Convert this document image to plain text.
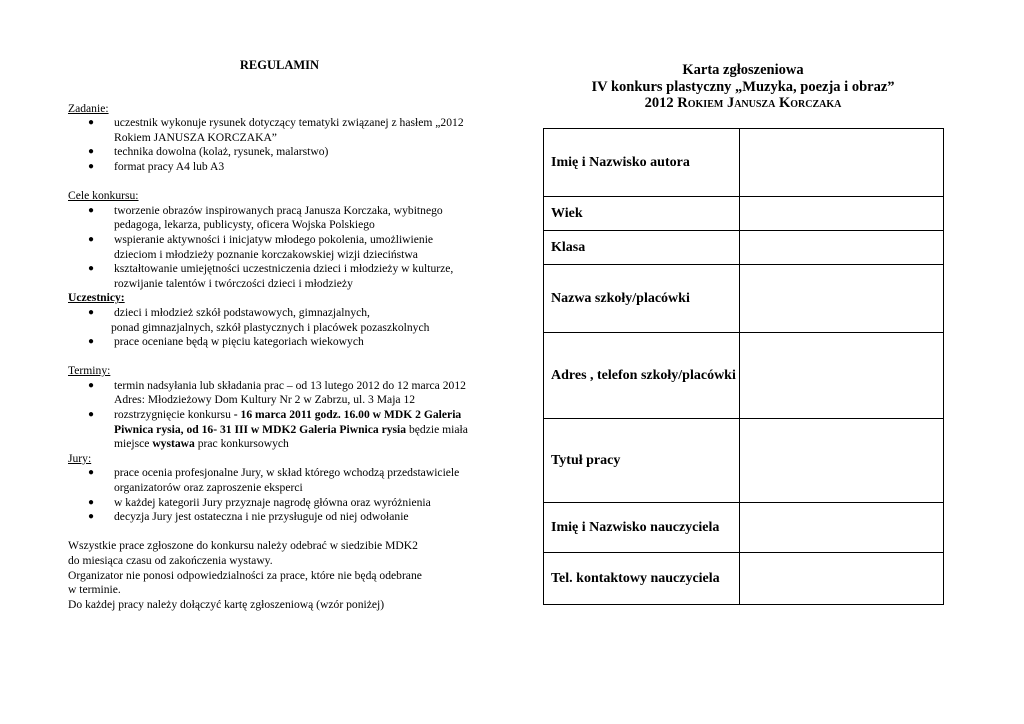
REGULAMIN
Zadanie:
● uczestnik wykonuje rysunek dotyczący tematyki związanej z hasłem „2012
Rokiem JANUSZA KORCZAKA”
● technika dowolna (kolaż, rysunek, malarstwo)
● format pracy A4 lub A3
Cele konkursu:
● tworzenie obrazów inspirowanych pracą Janusza Korczaka, wybitnego
pedagoga, lekarza, publicysty, oficera Wojska Polskiego
● wspieranie aktywności i inicjatyw młodego pokolenia, umożliwienie
dzieciom i młodzieży poznanie korczakowskiej wizji dzieciństwa
● kształtowanie umiejętności uczestniczenia dzieci i młodzieży w kulturze,
rozwijanie talentów i twórczości dzieci i młodzieży
Uczestnicy:
● dzieci i młodzież szkół podstawowych, gimnazjalnych,
ponad gimnazjalnych, szkół plastycznych i placówek pozaszkolnych
● prace oceniane będą w pięciu kategoriach wiekowych
Terminy:
● termin nadsyłania lub składania prac – od 13 lutego 2012 do 12 marca 2012
Adres: Młodzieżowy Dom Kultury Nr 2 w Zabrzu, ul. 3 Maja 12
● rozstrzygnięcie konkursu - 16 marca 2011 godz. 16.00 w MDK 2 Galeria
Piwnica rysia, od 16- 31 III w MDK2 Galeria Piwnica rysia będzie miała
miejsce wystawa prac konkursowych
Jury:
● prace ocenia profesjonalne Jury, w skład którego wchodzą przedstawiciele
organizatorów oraz zaproszenie eksperci
● w każdej kategorii Jury przyznaje nagrodę główna oraz wyróżnienia
● decyzja Jury jest ostateczna i nie przysługuje od niej odwołanie
Wszystkie prace zgłoszone do konkursu należy odebrać w siedzibie MDK2
do miesiąca czasu od zakończenia wystawy.
Organizator nie ponosi odpowiedzialności za prace, które nie będą odebrane
w terminie.
Do każdej pracy należy dołączyć kartę zgłoszeniową (wzór poniżej)
Karta zgłoszeniowa
IV konkurs plastyczny „Muzyka, poezja i obraz”
2012 Rokiem Janusza Korczaka
Imię i Nazwisko autora	
Wiek	
Klasa	
Nazwa szkoły/placówki	
Adres , telefon szkoły/placówki	
Tytuł pracy	
Imię i Nazwisko nauczyciela	
Tel. kontaktowy nauczyciela	
